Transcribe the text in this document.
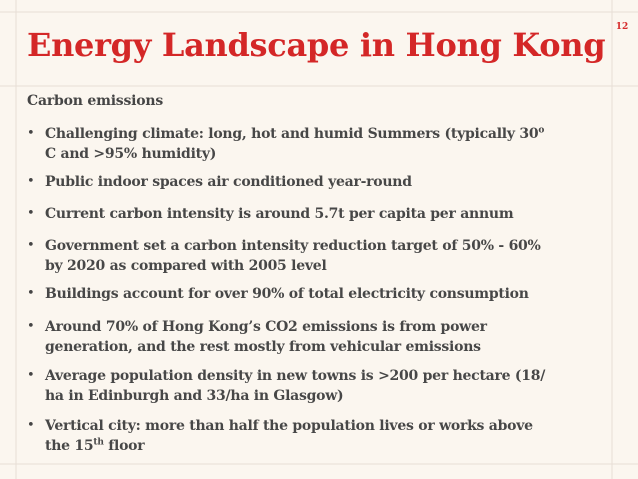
12
Energy Landscape in Hong Kong
Carbon emissions
• Challenging climate: long, hot and humid Summers (typically 30$^o$
C and >95% humidity)
• Public indoor spaces air conditioned year-round
• Current carbon intensity is around 5.7t per capita per annum
• Government set a carbon intensity reduction target of 50% - 60%
by 2020 as compared with 2005 level
• Buildings account for over 90% of total electricity consumption
• Around 70% of Hong Kong’s CO2 emissions is from power
generation, and the rest mostly from vehicular emissions
• Average population density in new towns is >200 per hectare (18/
ha in Edinburgh and 33/ha in Glasgow)
• Vertical city: more than half the population lives or works above
the 15th floor
